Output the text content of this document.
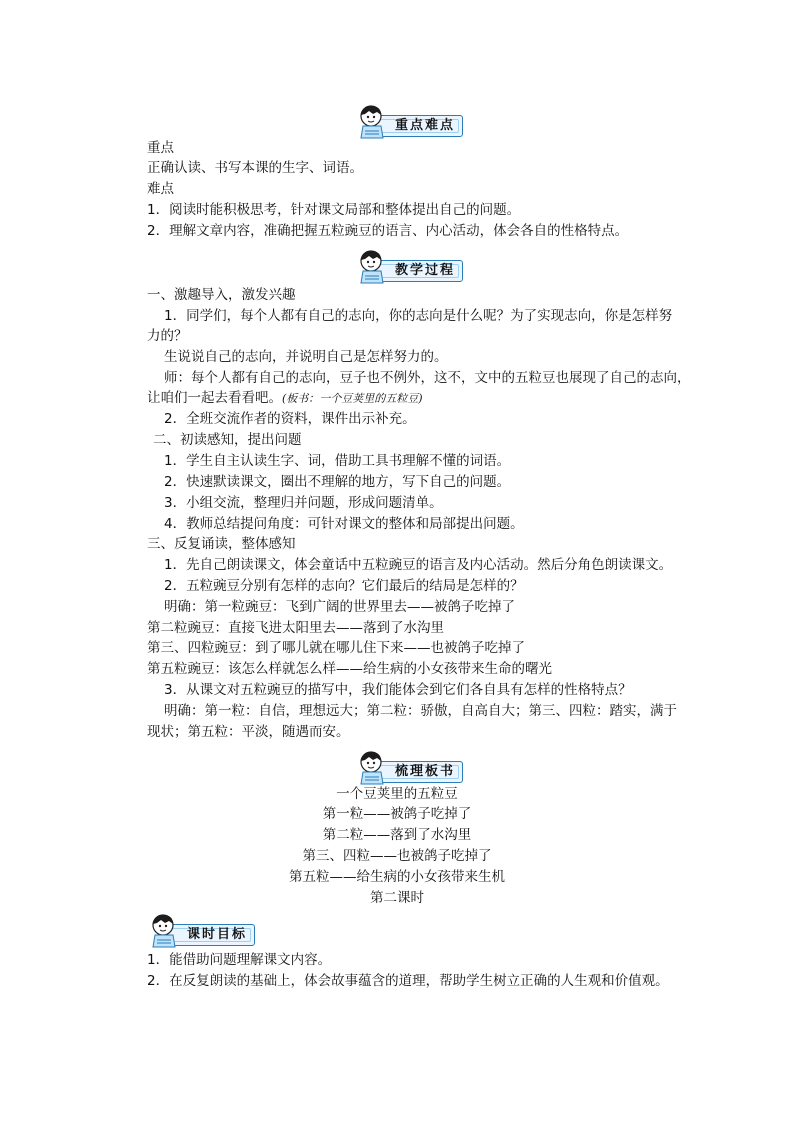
重点难点
重点
正确认读、书写本课的生字、词语。
难点
1．阅读时能积极思考，针对课文局部和整体提出自己的问题。
2．理解文章内容，准确把握五粒豌豆的语言、内心活动，体会各自的性格特点。
教学过程
一、激趣导入，激发兴趣
1．同学们，每个人都有自己的志向，你的志向是什么呢？为了实现志向，你是怎样努
力的？
生说说自己的志向，并说明自己是怎样努力的。
师：每个人都有自己的志向，豆子也不例外，这不，文中的五粒豆也展现了自己的志向，
让咱们一起去看看吧。(板书：一个豆荚里的五粒豆)
2．全班交流作者的资料，课件出示补充。
二、初读感知，提出问题
1．学生自主认读生字、词，借助工具书理解不懂的词语。
2．快速默读课文，圈出不理解的地方，写下自己的问题。
3．小组交流，整理归并问题，形成问题清单。
4．教师总结提问角度：可针对课文的整体和局部提出问题。
三、反复诵读，整体感知
1．先自己朗读课文，体会童话中五粒豌豆的语言及内心活动。然后分角色朗读课文。
2．五粒豌豆分别有怎样的志向？它们最后的结局是怎样的？
明确：第一粒豌豆：飞到广阔的世界里去——被鸽子吃掉了
第二粒豌豆：直接飞进太阳里去——落到了水沟里
第三、四粒豌豆：到了哪儿就在哪儿住下来——也被鸽子吃掉了
第五粒豌豆：该怎么样就怎么样——给生病的小女孩带来生命的曙光
3．从课文对五粒豌豆的描写中，我们能体会到它们各自具有怎样的性格特点？
明确：第一粒：自信，理想远大；第二粒：骄傲，自高自大；第三、四粒：踏实，满于
现状；第五粒：平淡，随遇而安。
梳理板书
一个豆荚里的五粒豆
第一粒——被鸽子吃掉了
第二粒——落到了水沟里
第三、四粒——也被鸽子吃掉了
第五粒——给生病的小女孩带来生机
第二课时
课时目标
1．能借助问题理解课文内容。
2．在反复朗读的基础上，体会故事蕴含的道理，帮助学生树立正确的人生观和价值观。
